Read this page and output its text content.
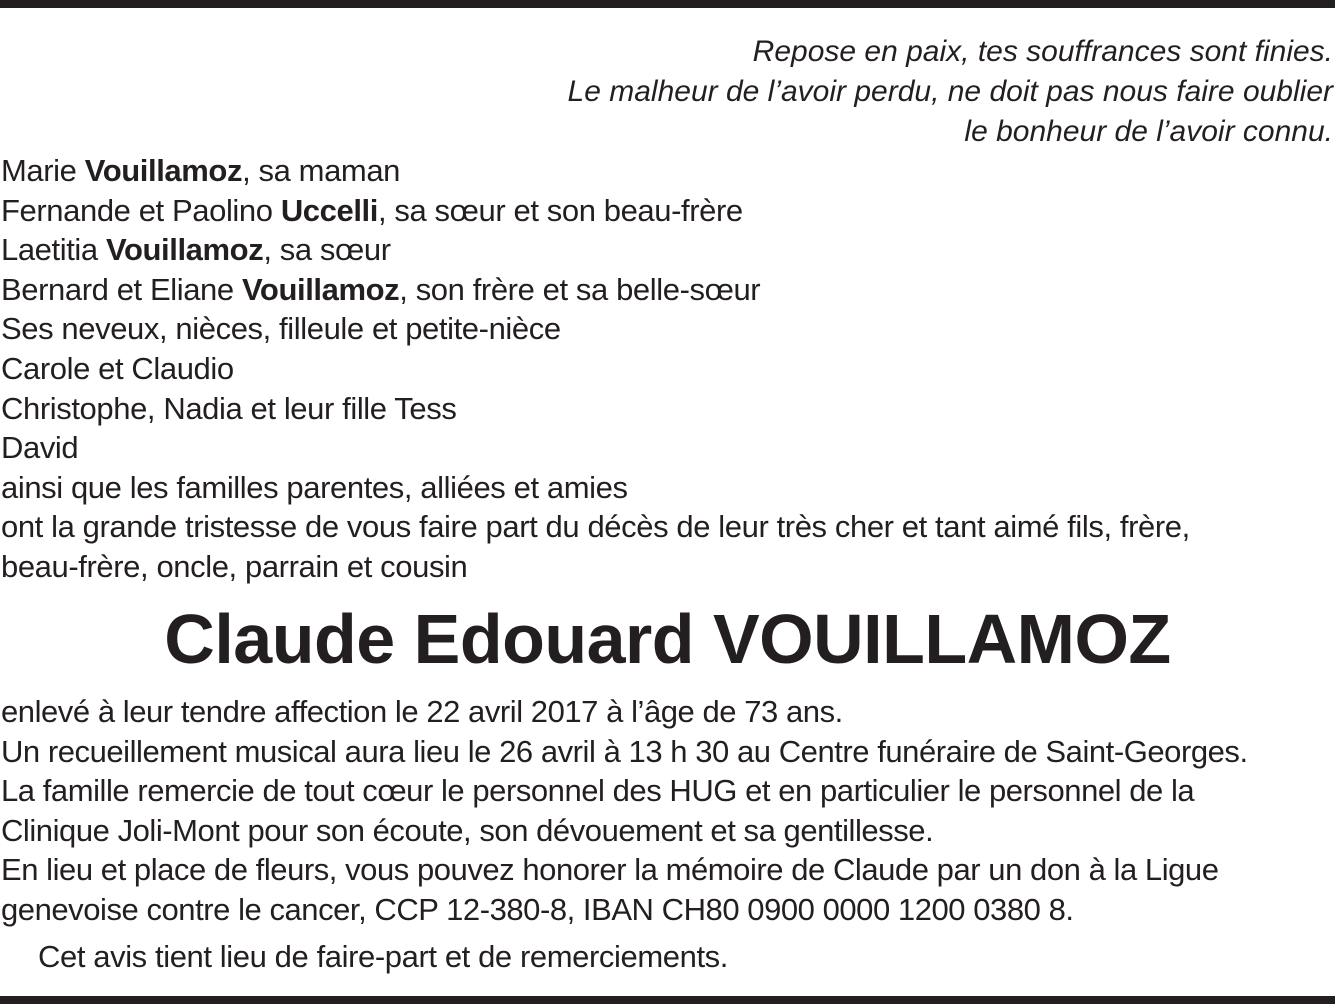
Repose en paix, tes souffrances sont finies.
Le malheur de l’avoir perdu, ne doit pas nous faire oublier
le bonheur de l’avoir connu.
Marie Vouillamoz, sa maman
Fernande et Paolino Uccelli, sa sœur et son beau-frère
Laetitia Vouillamoz, sa sœur
Bernard et Eliane Vouillamoz, son frère et sa belle-sœur
Ses neveux, nièces, filleule et petite-nièce
Carole et Claudio
Christophe, Nadia et leur fille Tess
David
ainsi que les familles parentes, alliées et amies
ont la grande tristesse de vous faire part du décès de leur très cher et tant aimé fils, frère,
beau-frère, oncle, parrain et cousin
Claude Edouard VOUILLAMOZ
enlevé à leur tendre affection le 22 avril 2017 à l’âge de 73 ans.
Un recueillement musical aura lieu le 26 avril à 13 h 30 au Centre funéraire de Saint-Georges.
La famille remercie de tout cœur le personnel des HUG et en particulier le personnel de la
Clinique Joli-Mont pour son écoute, son dévouement et sa gentillesse.
En lieu et place de fleurs, vous pouvez honorer la mémoire de Claude par un don à la Ligue
genevoise contre le cancer, CCP 12-380-8, IBAN CH80 0900 0000 1200 0380 8.
Cet avis tient lieu de faire-part et de remerciements.
